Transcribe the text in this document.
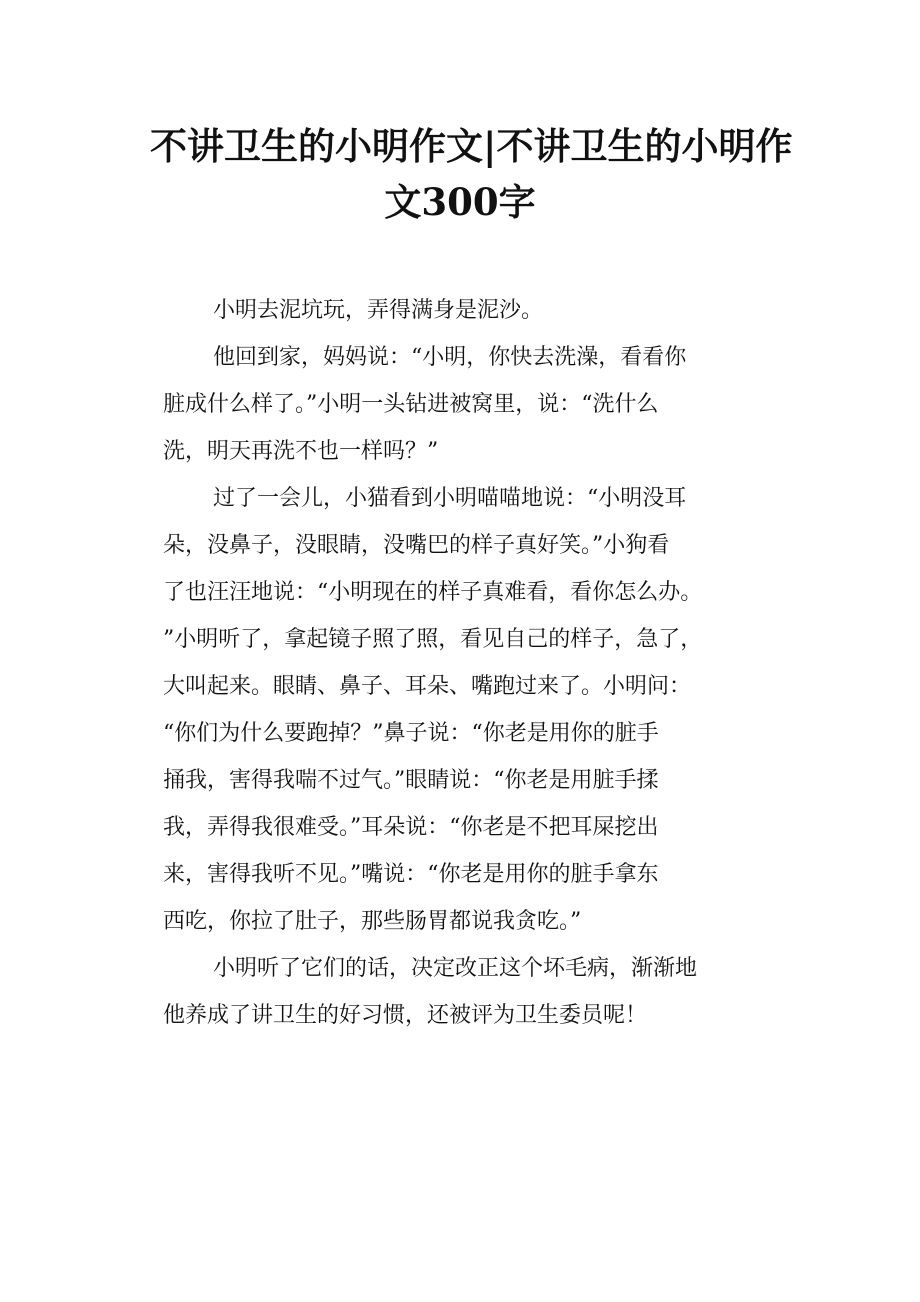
不讲卫生的小明作文|不讲卫生的小明作
文300字
小明去泥坑玩，弄得满身是泥沙。
他回到家，妈妈说：“小明，你快去洗澡，看看你
脏成什么样了。”小明一头钻进被窝里，说：“洗什么
洗，明天再洗不也一样吗？”
过了一会儿，小猫看到小明喵喵地说：“小明没耳
朵，没鼻子，没眼睛，没嘴巴的样子真好笑。”小狗看
了也汪汪地说：“小明现在的样子真难看，看你怎么办。
”小明听了，拿起镜子照了照，看见自己的样子，急了，
大叫起来。眼睛、鼻子、耳朵、嘴跑过来了。小明问：
“你们为什么要跑掉？”鼻子说：“你老是用你的脏手
捅我，害得我喘不过气。”眼睛说：“你老是用脏手揉
我，弄得我很难受。”耳朵说：“你老是不把耳屎挖出
来，害得我听不见。”嘴说：“你老是用你的脏手拿东
西吃，你拉了肚子，那些肠胃都说我贪吃。”
小明听了它们的话，决定改正这个坏毛病，渐渐地
他养成了讲卫生的好习惯，还被评为卫生委员呢！
